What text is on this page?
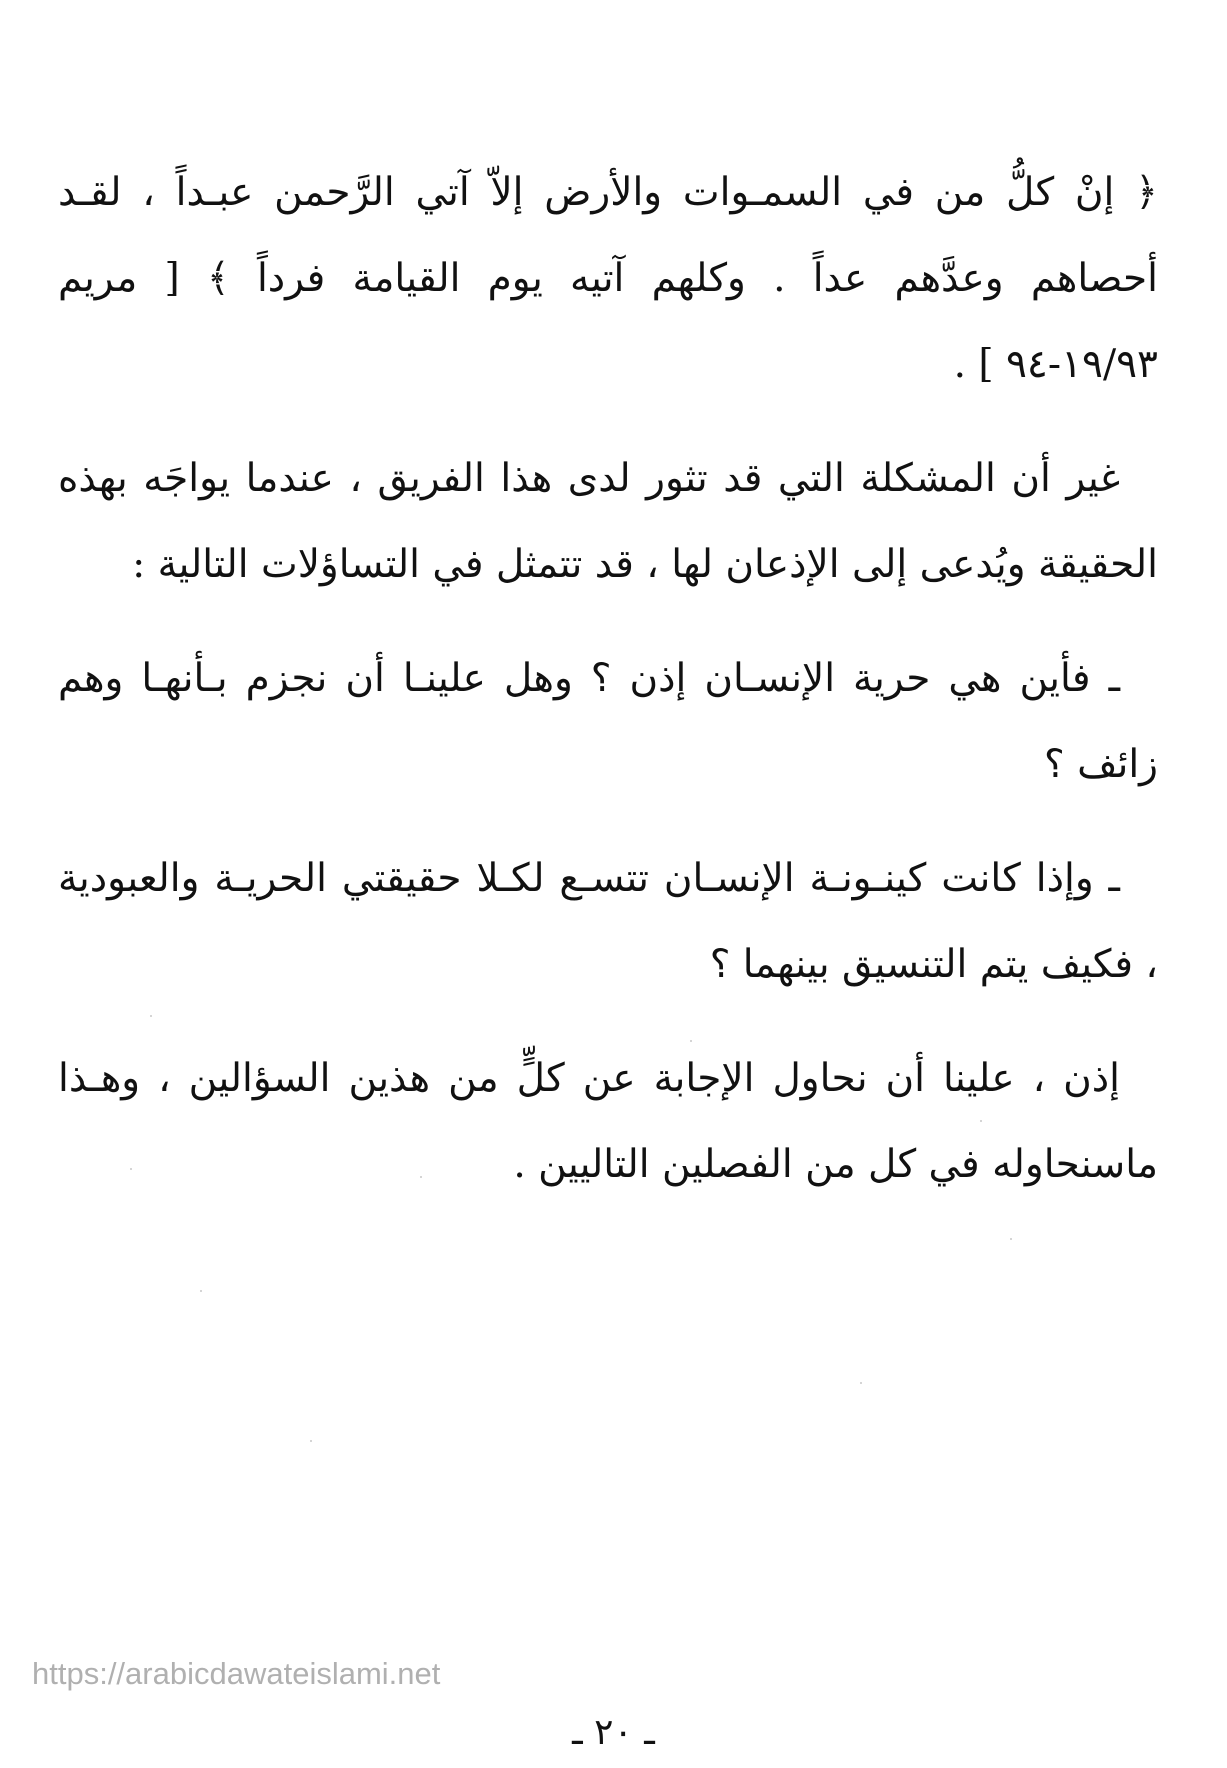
﴿ إنْ كلُّ من في السمـوات والأرض إلاّ آتي الرَّحمن عبـداً ، لقـد أحصاهم وعدَّهم عداً . وكلهم آتيه يوم القيامة فرداً ﴾ [ مريم ١٩/٩٣-٩٤ ] .

غير أن المشكلة التي قد تثور لدى هذا الفريق ، عندما يواجَه بهذه الحقيقة ويُدعى إلى الإذعان لها ، قد تتمثل في التساؤلات التالية :

ـ فأين هي حرية الإنسـان إذن ؟ وهل علينـا أن نجزم بـأنهـا وهم زائف ؟

ـ وإذا كانت كينـونـة الإنسـان تتسـع لكـلا حقيقتي الحريـة والعبودية ، فكيف يتم التنسيق بينهما ؟

إذن ، علينا أن نحاول الإجابة عن كلٍّ من هذين السؤالين ، وهـذا ماسنحاوله في كل من الفصلين التاليين .

https://arabicdawateislami.net
ـ ٢٠ ـ
